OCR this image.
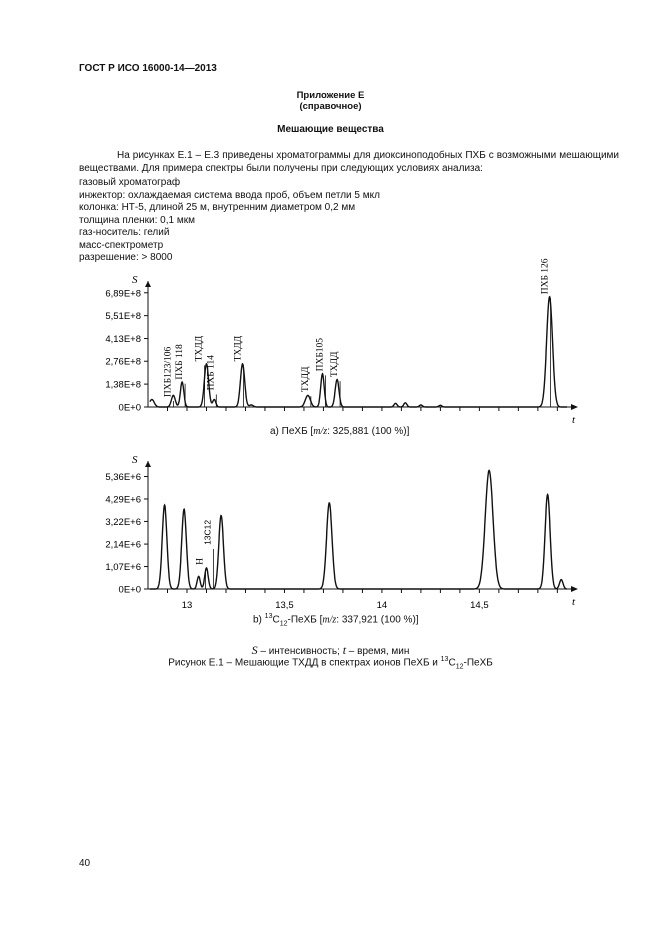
ГОСТ Р ИСО 16000-14—2013
Приложение Е
(справочное)
Мешающие вещества
На рисунках Е.1 – Е.3 приведены хроматограммы для диоксиноподобных ПХБ с возможными мешающими веществами. Для примера спектры были получены при следующих условиях анализа:
газовый хроматограф
инжектор: охлаждаемая система ввода проб, объем петли 5 мкл
колонка: НТ-5, длиной 25 м, внутренним диаметром 0,2 мм
толщина пленки: 0,1 мкм
газ-носитель: гелий
масс-спектрометр
разрешение: > 8000
S
t
0E+0
1,38E+8
2,76E+8
4,13E+8
5,51E+8
6,89E+8
ПХБ123/106 ПХБ 118 ТХДД
ПХБ 114
ТХДД
ТХДД
ПХБ105 ТХДД
ПХБ 126
S
t
0E+0
1,07E+6
2,14E+6
3,22E+6
4,29E+6
5,36E+6
13	13,5	14	14,5
Н
13С12
a) ПеХБ [m/z: 325,881 (100 %)]
b) $^{13}С_{12}$-ПеХБ [m/z: 337,921 (100 %)]
S – интенсивность; t – время, мин
Рисунок Е.1 – Мешающие ТХДД в спектрах ионов ПеХБ и $^{13}С_{12}$-ПеХБ
40
